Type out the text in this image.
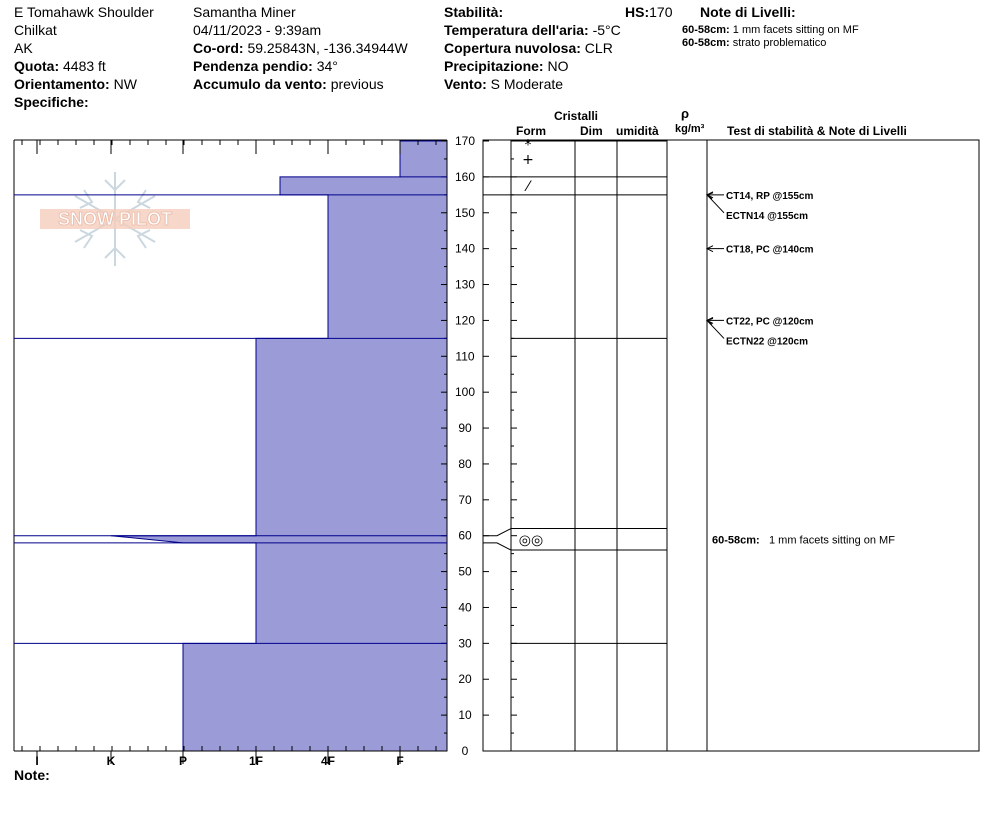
E Tomahawk Shoulder
Chilkat
AK
Quota: 4483 ft
Orientamento: NW
Specifiche:
Samantha Miner
04/11/2023 - 9:39am
Co-ord: 59.25843N, -136.34944W
Pendenza pendio: 34°
Accumulo da vento: previous
Stabilità:	HS:170
Temperatura dell'aria: -5°C
Copertura nuvolosa: CLR
Precipitazione: NO
Vento: S Moderate
Note di Livelli:
60-58cm: 1 mm facets sitting on MF
60-58cm: strato problematico
Cristalli
Form	Dim umidità
ρ
kg/m³ Test di stabilità & Note di Livelli
Note:
SNOW PILOT
I	K	P	1F	4F	F
0
10
20
30
40
50
60
70
80
90
100
110
120
130
140
150
160
170	*
+
⁄
◎◎
CT14, RP @155cm
ECTN14 @155cm
CT18, PC @140cm
CT22, PC @120cm
ECTN22 @120cm
60-58cm: 1 mm facets sitting on MF
